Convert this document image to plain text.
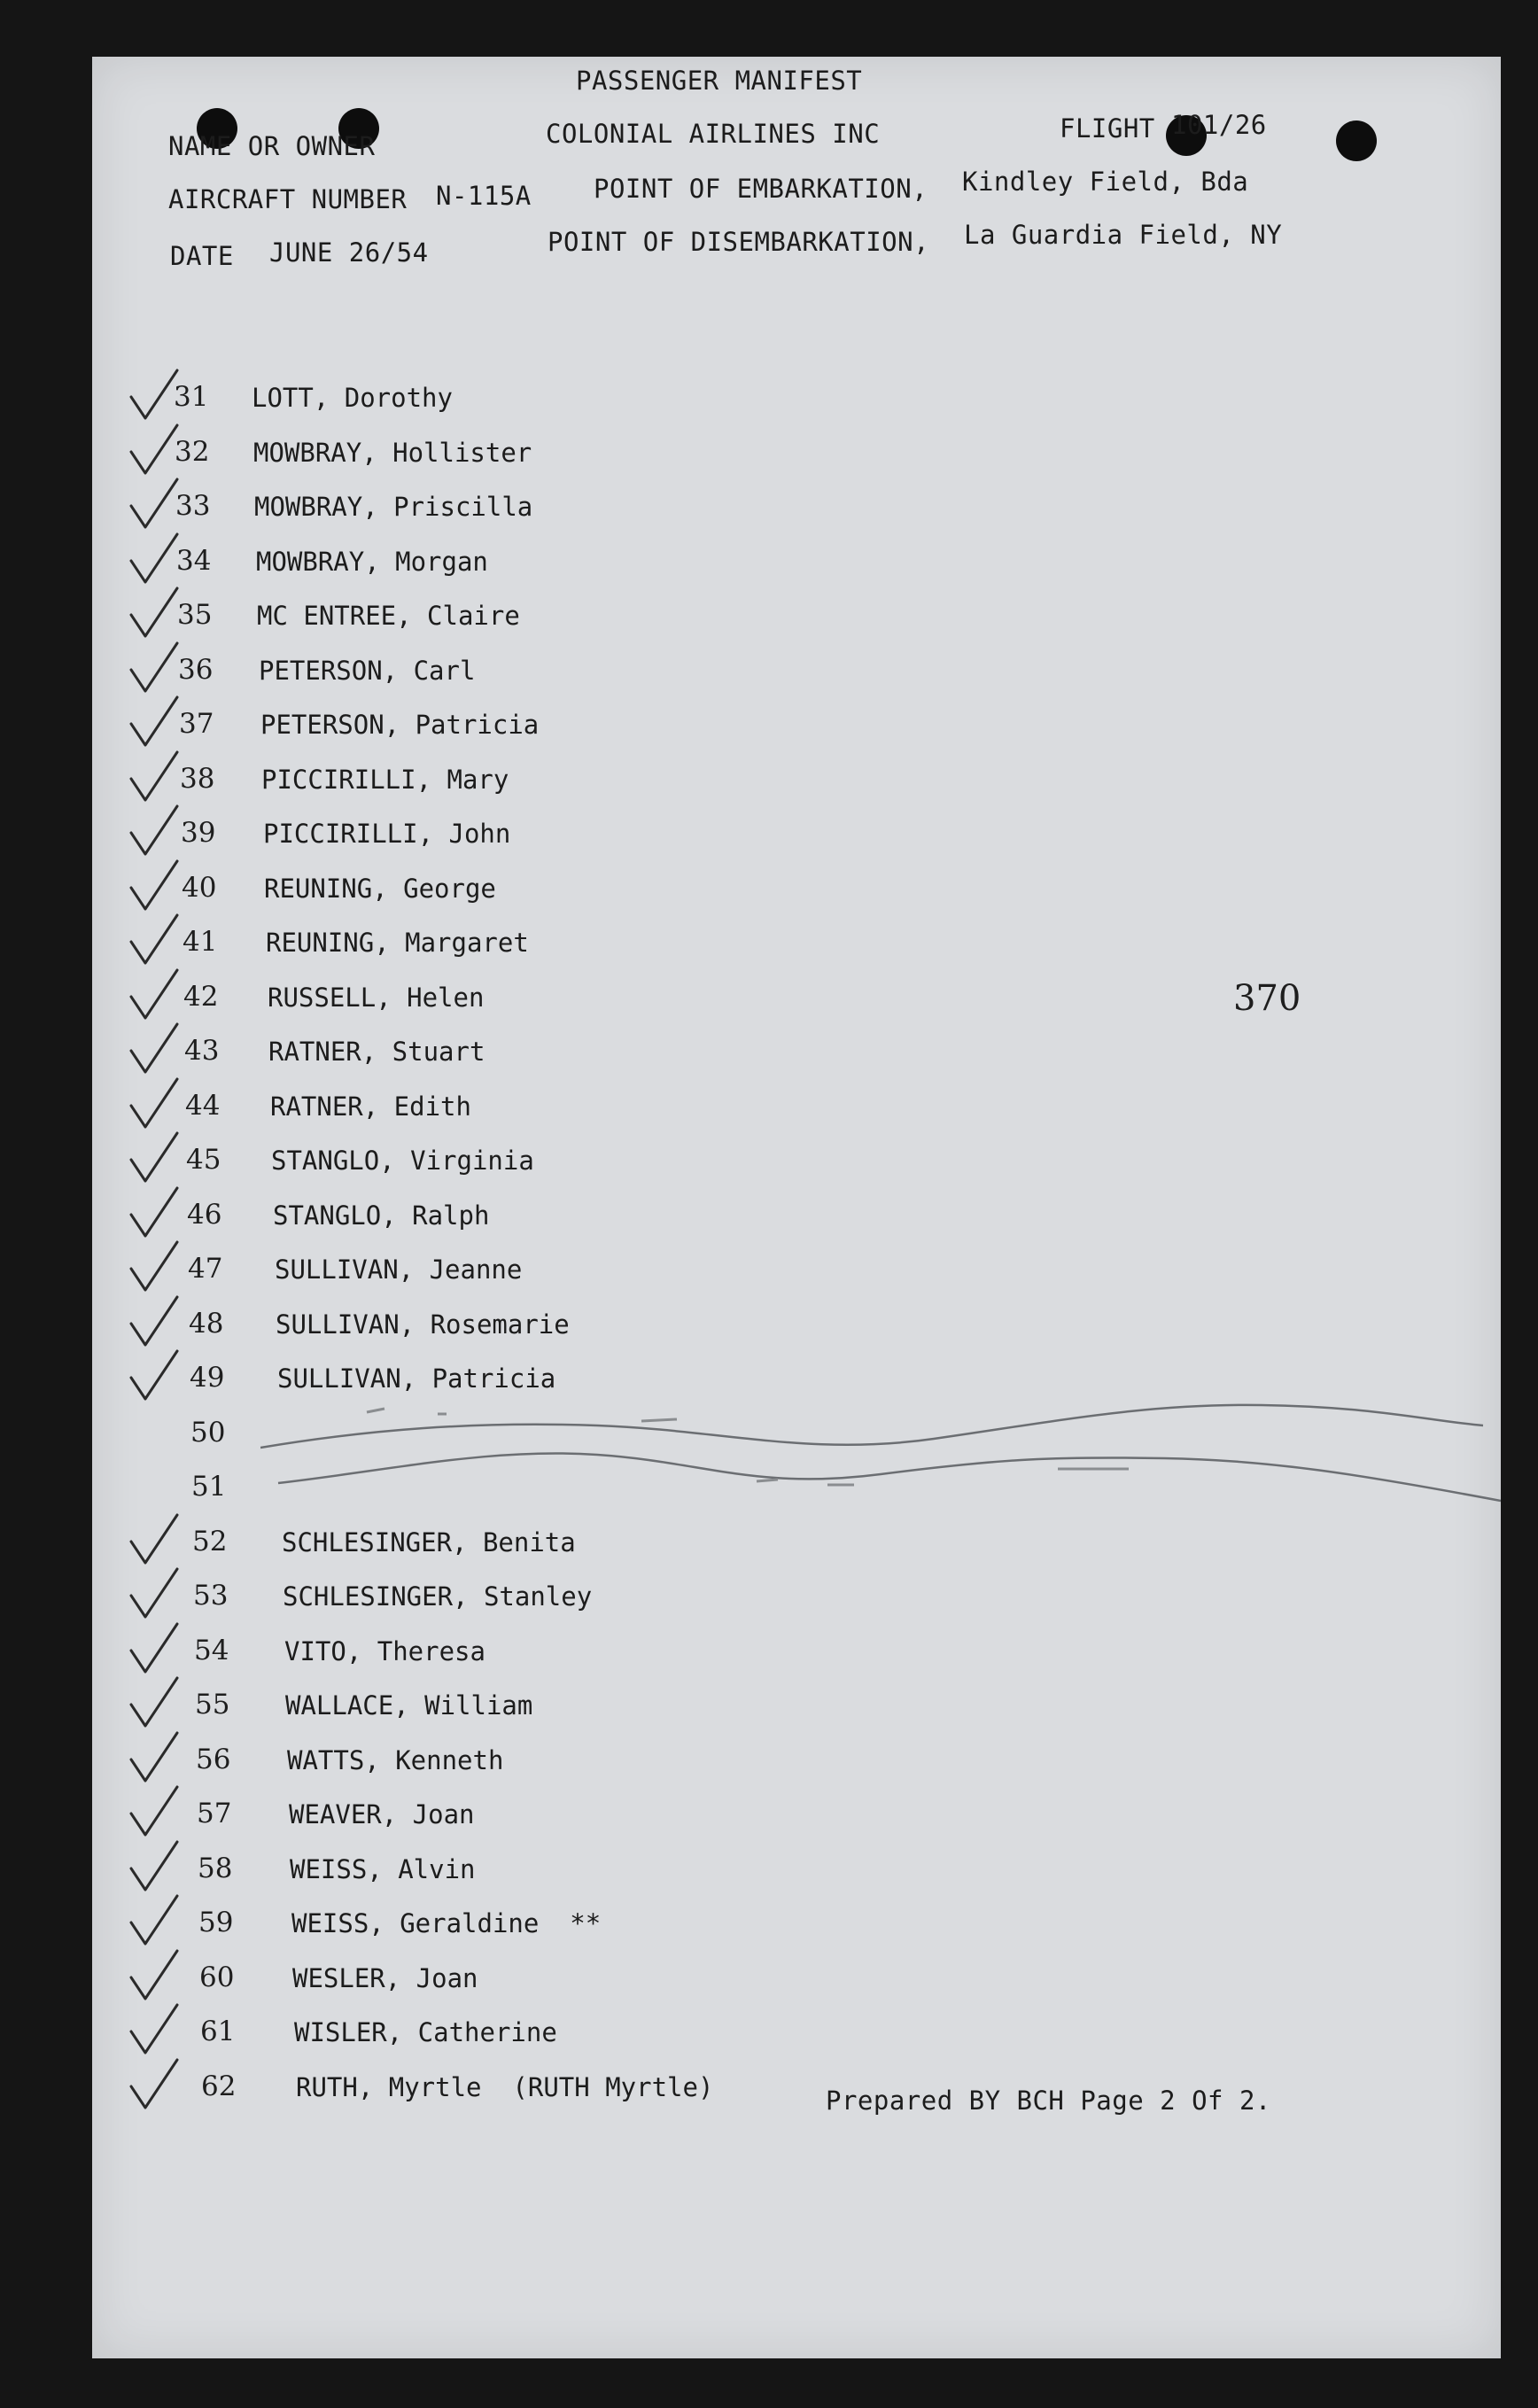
PASSENGER MANIFEST
NAME OR OWNER	COLONIAL AIRLINES INC	FLIGHT 101/26
AIRCRAFT NUMBER N-115A POINT OF EMBARKATION, Kindley Field, Bda
DATE JUNE 26/54	POINT OF DISEMBARKATION, La Guardia Field, NY
31	LOTT, Dorothy
32	MOWBRAY, Hollister
33	MOWBRAY, Priscilla
34	MOWBRAY, Morgan
35	MC ENTREE, Claire
36	PETERSON, Carl
37	PETERSON, Patricia
38	PICCIRILLI, Mary
39	PICCIRILLI, John
40	REUNING, George
41	REUNING, Margaret
42	RUSSELL, Helen
43	RATNER, Stuart
44	RATNER, Edith
45	STANGLO, Virginia
46	STANGLO, Ralph
47	SULLIVAN, Jeanne
48	SULLIVAN, Rosemarie
49	SULLIVAN, Patricia
50
51
52	SCHLESINGER, Benita
53	SCHLESINGER, Stanley
54	VITO, Theresa
55	WALLACE, William
56	WATTS, Kenneth
57	WEAVER, Joan
58	WEISS, Alvin
59	WEISS, Geraldine  **
60	WESLER, Joan
61	WISLER, Catherine
62	RUTH, Myrtle  (RUTH Myrtle)
370
Prepared BY BCH Page 2 Of 2.
